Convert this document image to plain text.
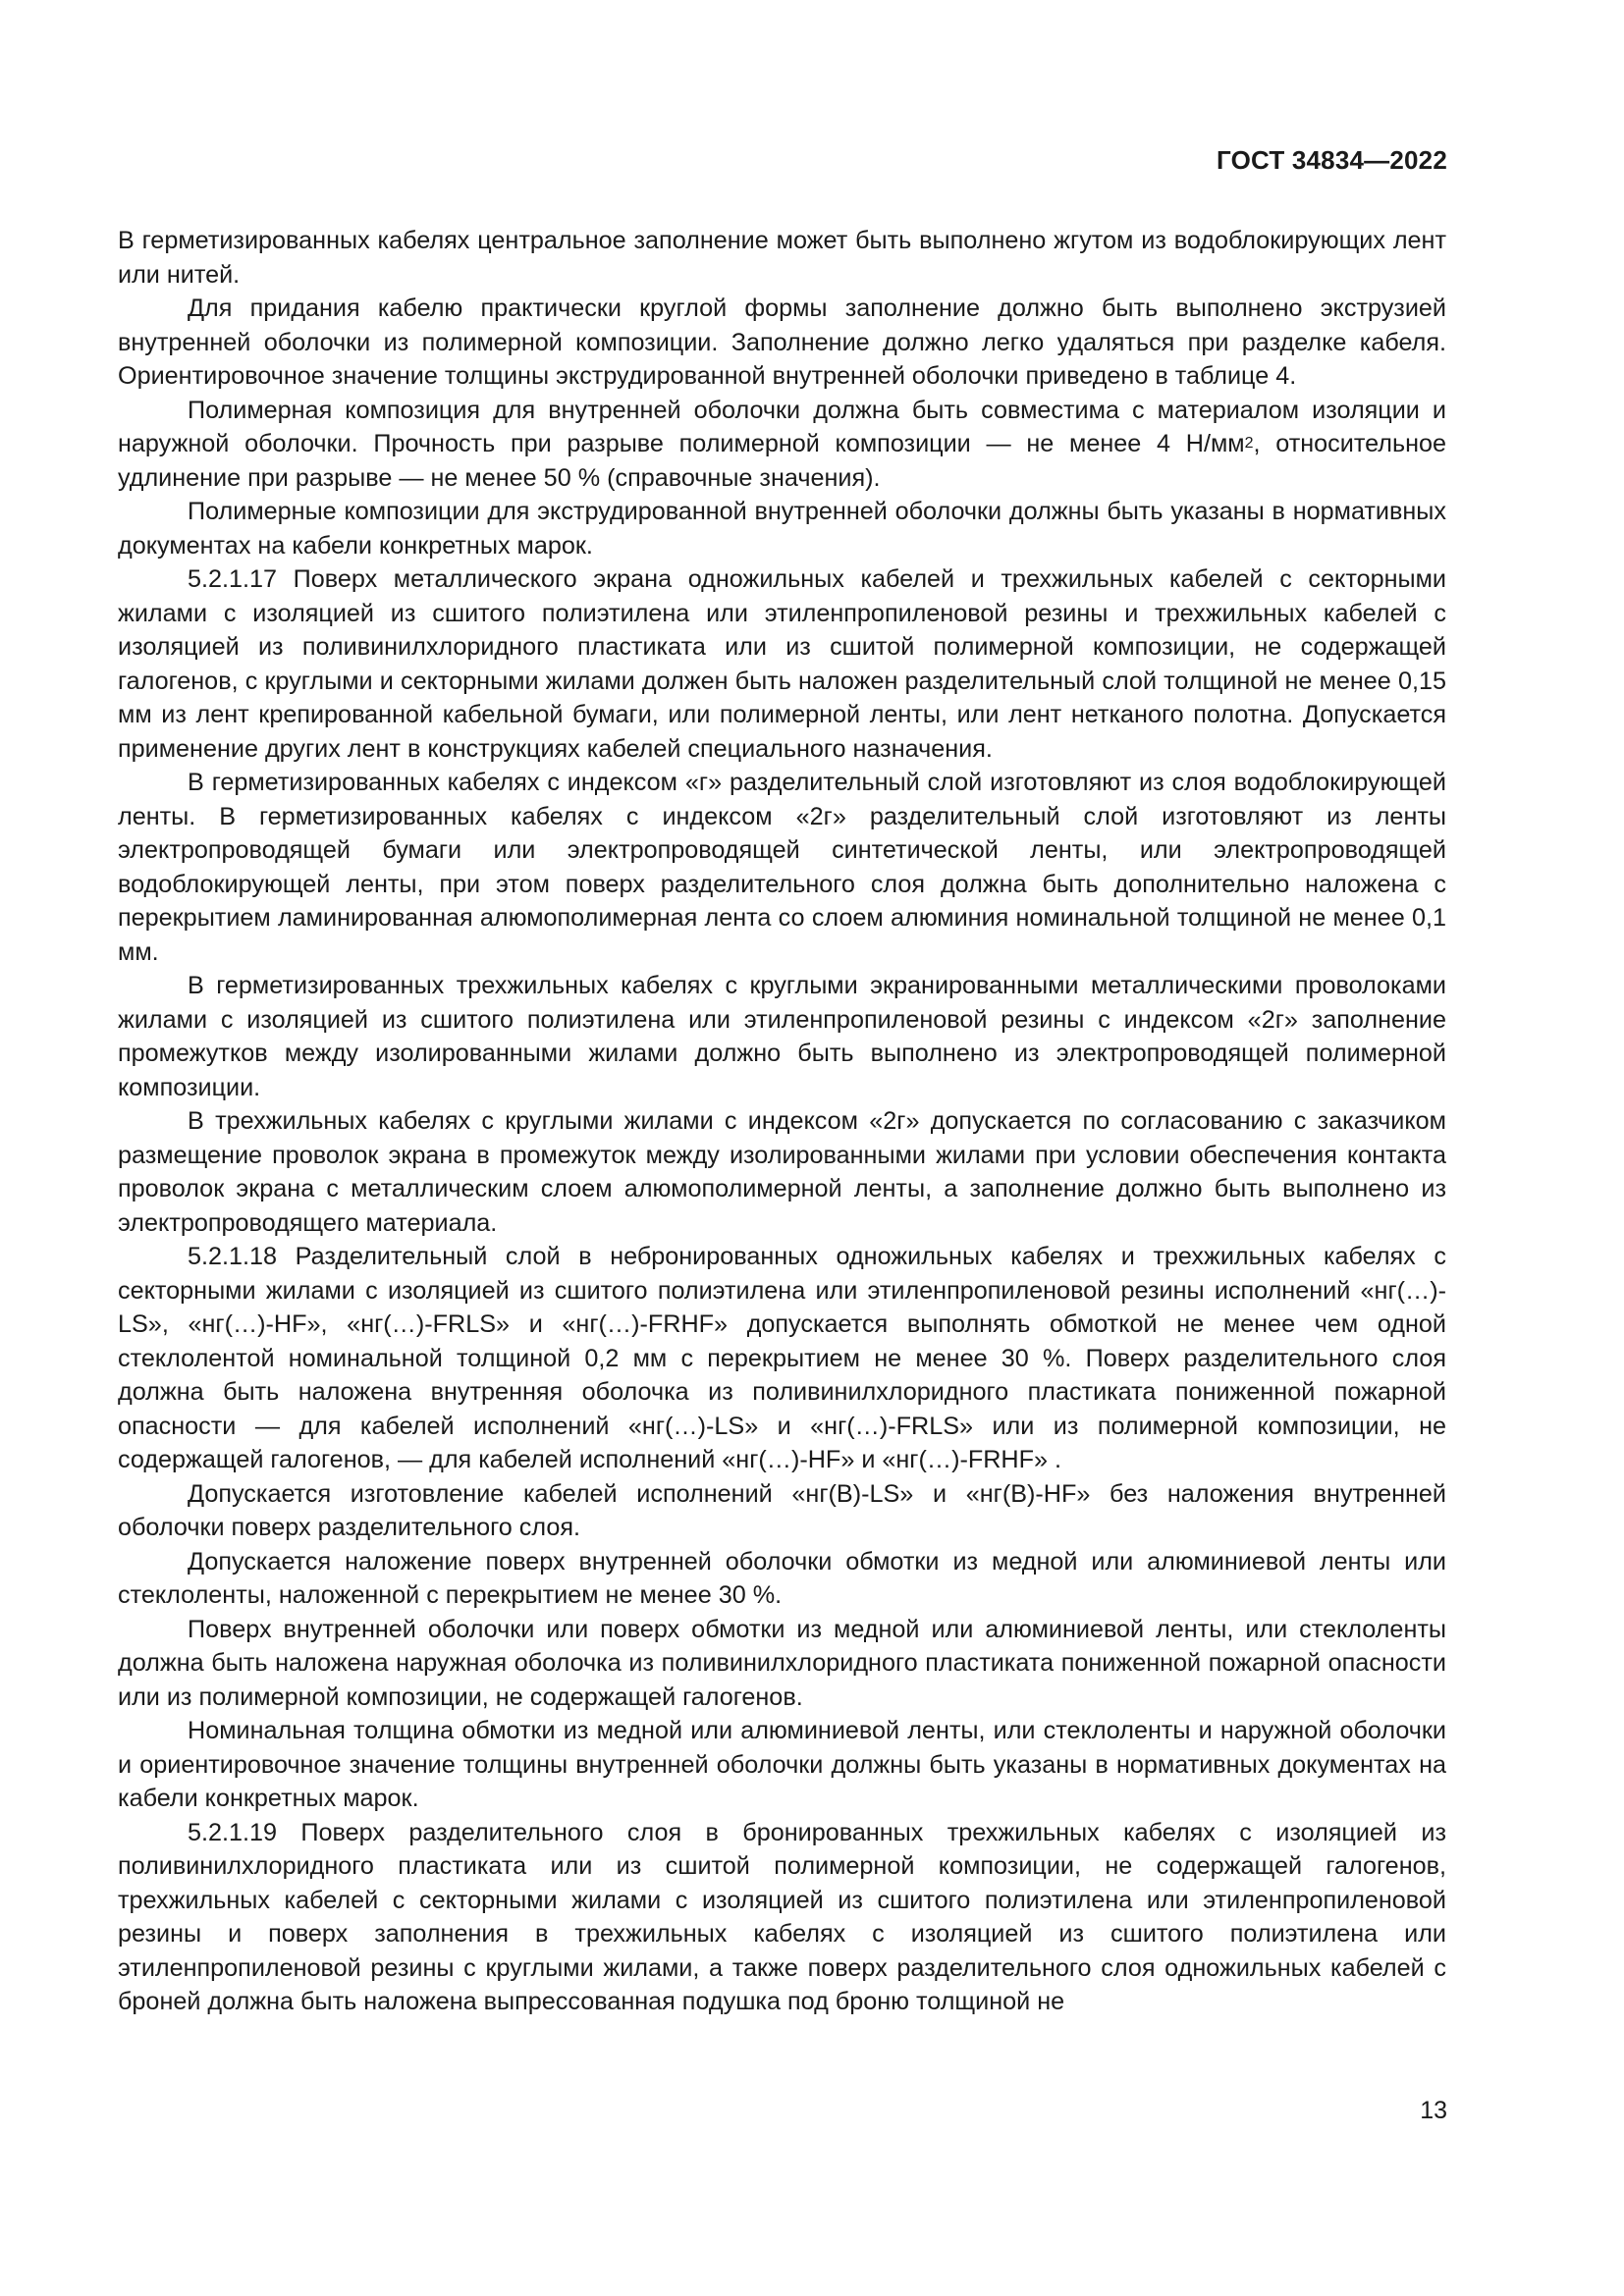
ГОСТ 34834—2022

В герметизированных кабелях центральное заполнение может быть выполнено жгутом из водоблокирующих лент или нитей.

Для придания кабелю практически круглой формы заполнение должно быть выполнено экструзией внутренней оболочки из полимерной композиции. Заполнение должно легко удаляться при разделке кабеля. Ориентировочное значение толщины экструдированной внутренней оболочки приведено в таблице 4.

Полимерная композиция для внутренней оболочки должна быть совместима с материалом изоляции и наружной оболочки. Прочность при разрыве полимерной композиции — не менее 4 $Н/мм^2$, относительное удлинение при разрыве — не менее 50 % (справочные значения).

Полимерные композиции для экструдированной внутренней оболочки должны быть указаны в нормативных документах на кабели конкретных марок.

5.2.1.17 Поверх металлического экрана одножильных кабелей и трехжильных кабелей с секторными жилами с изоляцией из сшитого полиэтилена или этиленпропиленовой резины и трехжильных кабелей с изоляцией из поливинилхлоридного пластиката или из сшитой полимерной композиции, не содержащей галогенов, с круглыми и секторными жилами должен быть наложен разделительный слой толщиной не менее 0,15 мм из лент крепированной кабельной бумаги, или полимерной ленты, или лент нетканого полотна. Допускается применение других лент в конструкциях кабелей специального назначения.

В герметизированных кабелях с индексом «г» разделительный слой изготовляют из слоя водоблокирующей ленты. В герметизированных кабелях с индексом «2г» разделительный слой изготовляют из ленты электропроводящей бумаги или электропроводящей синтетической ленты, или электропроводящей водоблокирующей ленты, при этом поверх разделительного слоя должна быть дополнительно наложена с перекрытием ламинированная алюмополимерная лента со слоем алюминия номинальной толщиной не менее 0,1 мм.

В герметизированных трехжильных кабелях с круглыми экранированными металлическими проволоками жилами с изоляцией из сшитого полиэтилена или этиленпропиленовой резины с индексом «2г» заполнение промежутков между изолированными жилами должно быть выполнено из электропроводящей полимерной композиции.

В трехжильных кабелях с круглыми жилами с индексом «2г» допускается по согласованию с заказчиком размещение проволок экрана в промежуток между изолированными жилами при условии обеспечения контакта проволок экрана с металлическим слоем алюмополимерной ленты, а заполнение должно быть выполнено из электропроводящего материала.

5.2.1.18 Разделительный слой в небронированных одножильных кабелях и трехжильных кабелях с секторными жилами с изоляцией из сшитого полиэтилена или этиленпропиленовой резины исполнений «нг(…)-LS», «нг(…)-HF», «нг(…)-FRLS» и «нг(…)-FRHF» допускается выполнять обмоткой не менее чем одной стеклолентой номинальной толщиной 0,2 мм с перекрытием не менее 30 %. Поверх разделительного слоя должна быть наложена внутренняя оболочка из поливинилхлоридного пластиката пониженной пожарной опасности — для кабелей исполнений «нг(…)-LS» и «нг(…)-FRLS» или из полимерной композиции, не содержащей галогенов, — для кабелей исполнений «нг(…)-HF» и «нг(…)-FRHF» .

Допускается изготовление кабелей исполнений «нг(В)-LS» и «нг(В)-HF» без наложения внутренней оболочки поверх разделительного слоя.

Допускается наложение поверх внутренней оболочки обмотки из медной или алюминиевой ленты или стеклоленты, наложенной с перекрытием не менее 30 %.

Поверх внутренней оболочки или поверх обмотки из медной или алюминиевой ленты, или стеклоленты должна быть наложена наружная оболочка из поливинилхлоридного пластиката пониженной пожарной опасности или из полимерной композиции, не содержащей галогенов.

Номинальная толщина обмотки из медной или алюминиевой ленты, или стеклоленты и наружной оболочки и ориентировочное значение толщины внутренней оболочки должны быть указаны в нормативных документах на кабели конкретных марок.

5.2.1.19 Поверх разделительного слоя в бронированных трехжильных кабелях с изоляцией из поливинилхлоридного пластиката или из сшитой полимерной композиции, не содержащей галогенов, трехжильных кабелей с секторными жилами с изоляцией из сшитого полиэтилена или этиленпропиленовой резины и поверх заполнения в трехжильных кабелях с изоляцией из сшитого полиэтилена или этиленпропиленовой резины с круглыми жилами, а также поверх разделительного слоя одножильных кабелей с броней должна быть наложена выпрессованная подушка под броню толщиной не

13
